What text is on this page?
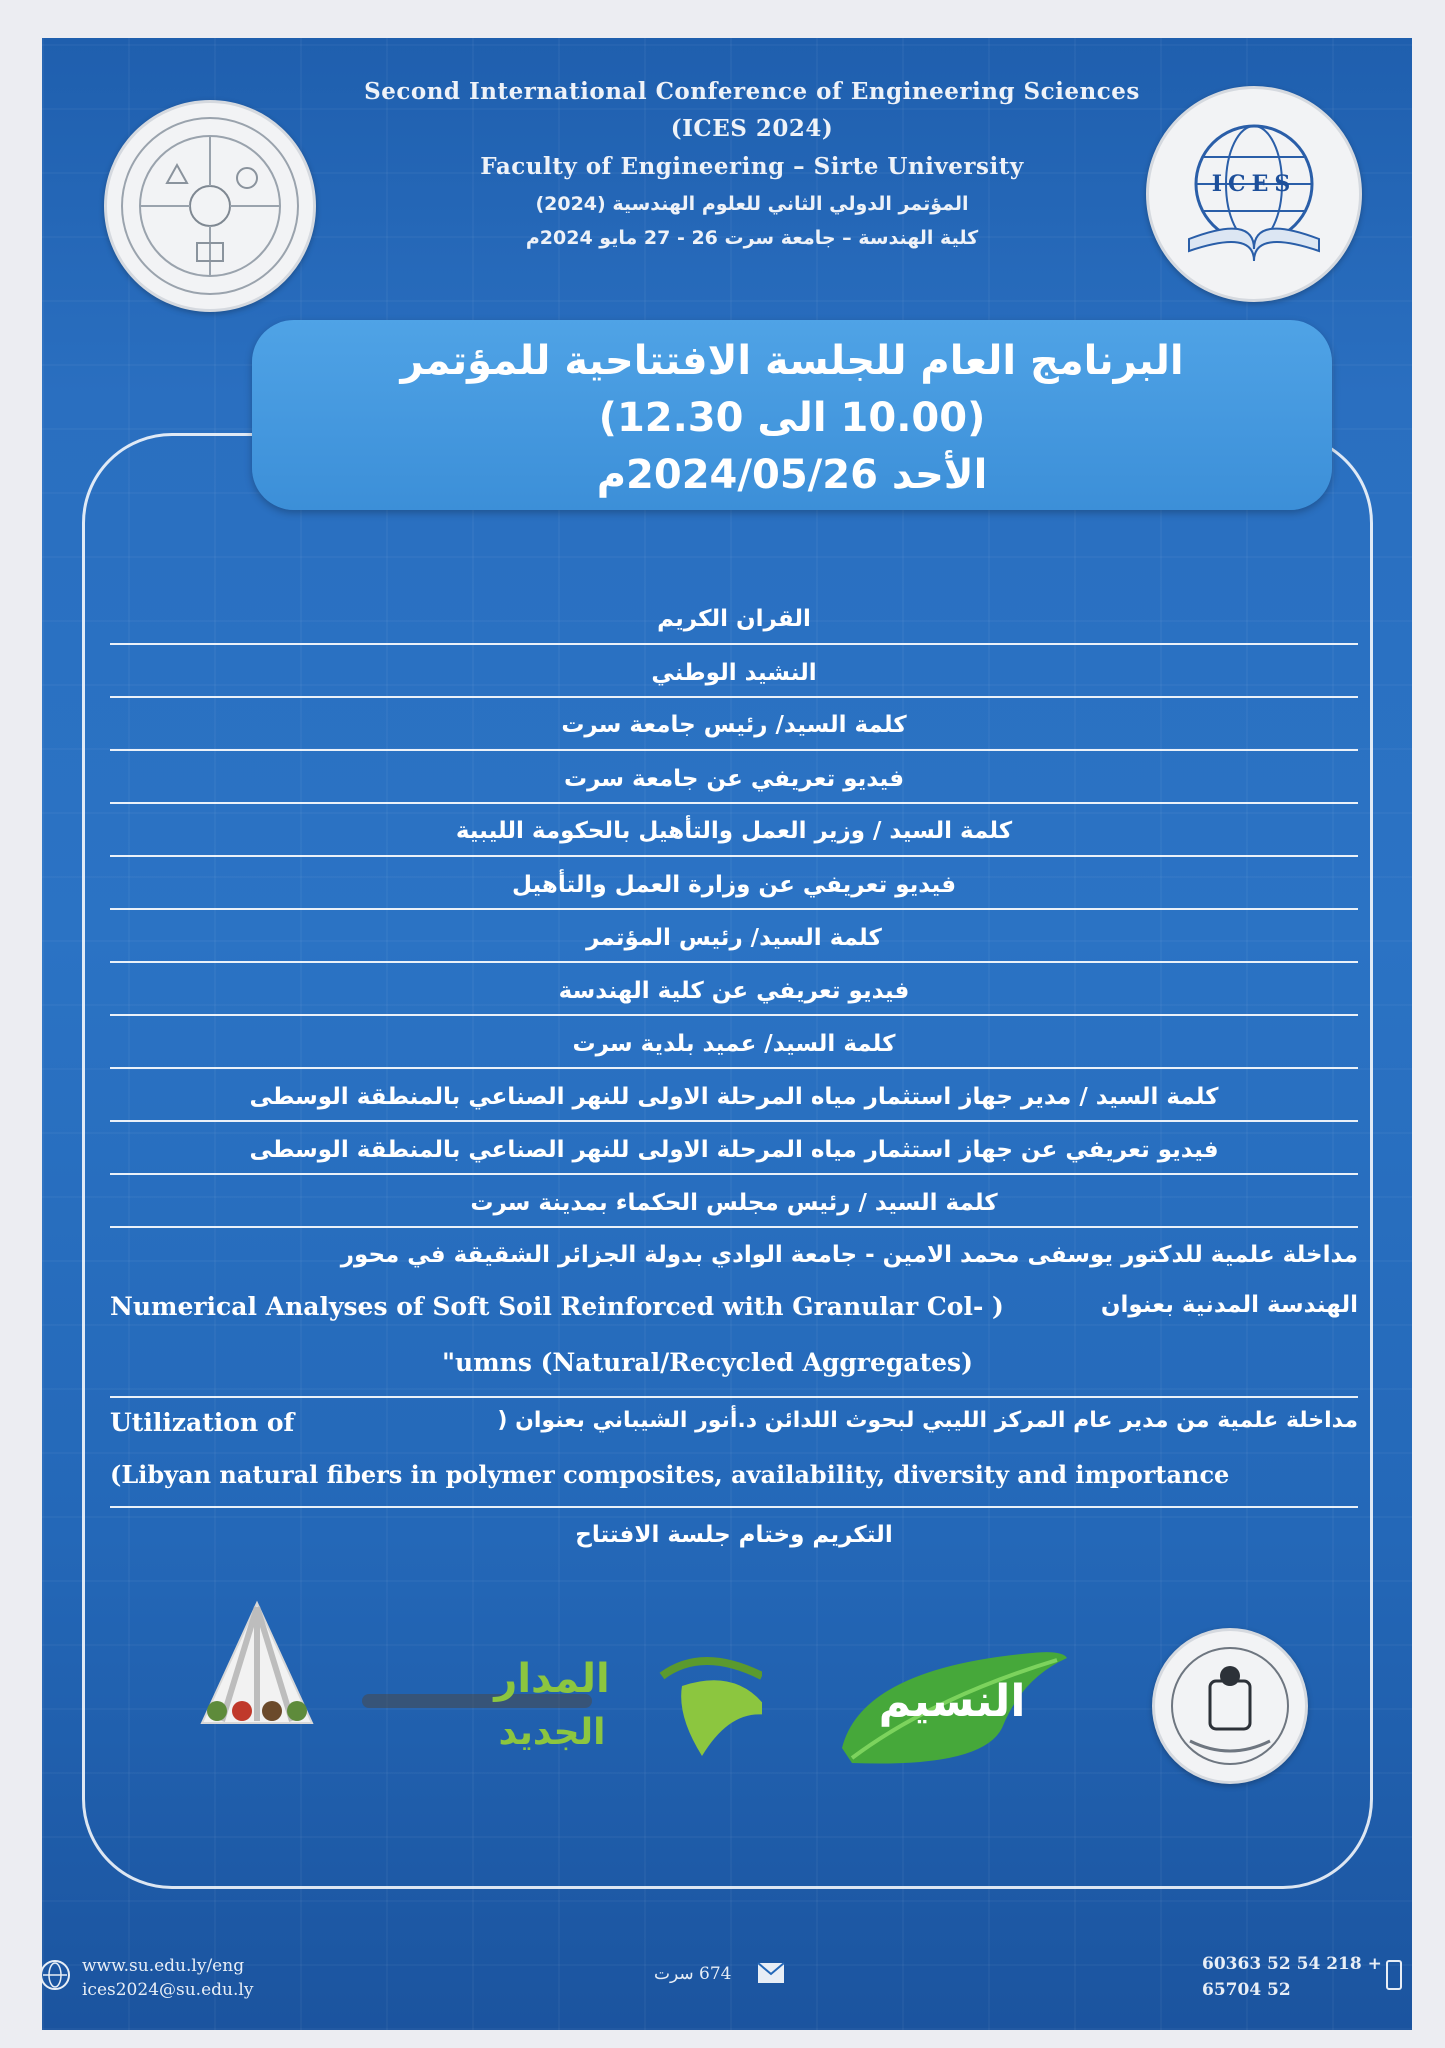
ICES
Second International Conference of Engineering Sciences
(ICES 2024)
Faculty of Engineering – Sirte University
المؤتمر الدولي الثاني للعلوم الهندسية (2024)
كلية الهندسة – جامعة سرت 26 - 27 مايو 2024م
البرنامج العام للجلسة الافتتاحية للمؤتمر
(10.00 الى 12.30)
الأحد 2024/05/26م
القران الكريم
النشيد الوطني
كلمة السيد/ رئيس جامعة سرت
فيديو تعريفي عن جامعة سرت
كلمة السيد / وزير العمل والتأهيل بالحكومة الليبية
فيديو تعريفي عن وزارة العمل والتأهيل
كلمة السيد/ رئيس المؤتمر
فيديو تعريفي عن كلية الهندسة
كلمة السيد/ عميد بلدية سرت
كلمة السيد / مدير جهاز استثمار مياه المرحلة الاولى للنهر الصناعي بالمنطقة الوسطى
فيديو تعريفي عن جهاز استثمار مياه المرحلة الاولى للنهر الصناعي بالمنطقة الوسطى
كلمة السيد / رئيس مجلس الحكماء بمدينة سرت
مداخلة علمية للدكتور يوسفى محمد الامين - جامعة الوادي بدولة الجزائر الشقيقة في محور
Numerical Analyses of Soft Soil Reinforced with Granular Col- )	الهندسة المدنية بعنوان
"umns (Natural/Recycled Aggregates)
Utilization of	مداخلة علمية من مدير عام المركز الليبي لبحوث اللدائن د.أنور الشيباني بعنوان (
(Libyan natural fibers in polymer composites, availability, diversity and importance
التكريم وختام جلسة الافتتاح
المدار
الجديد
النسيم
www.su.edu.ly/eng
ices2024@su.edu.ly
674 سرت	60363 52 54 218 +
65704 52
